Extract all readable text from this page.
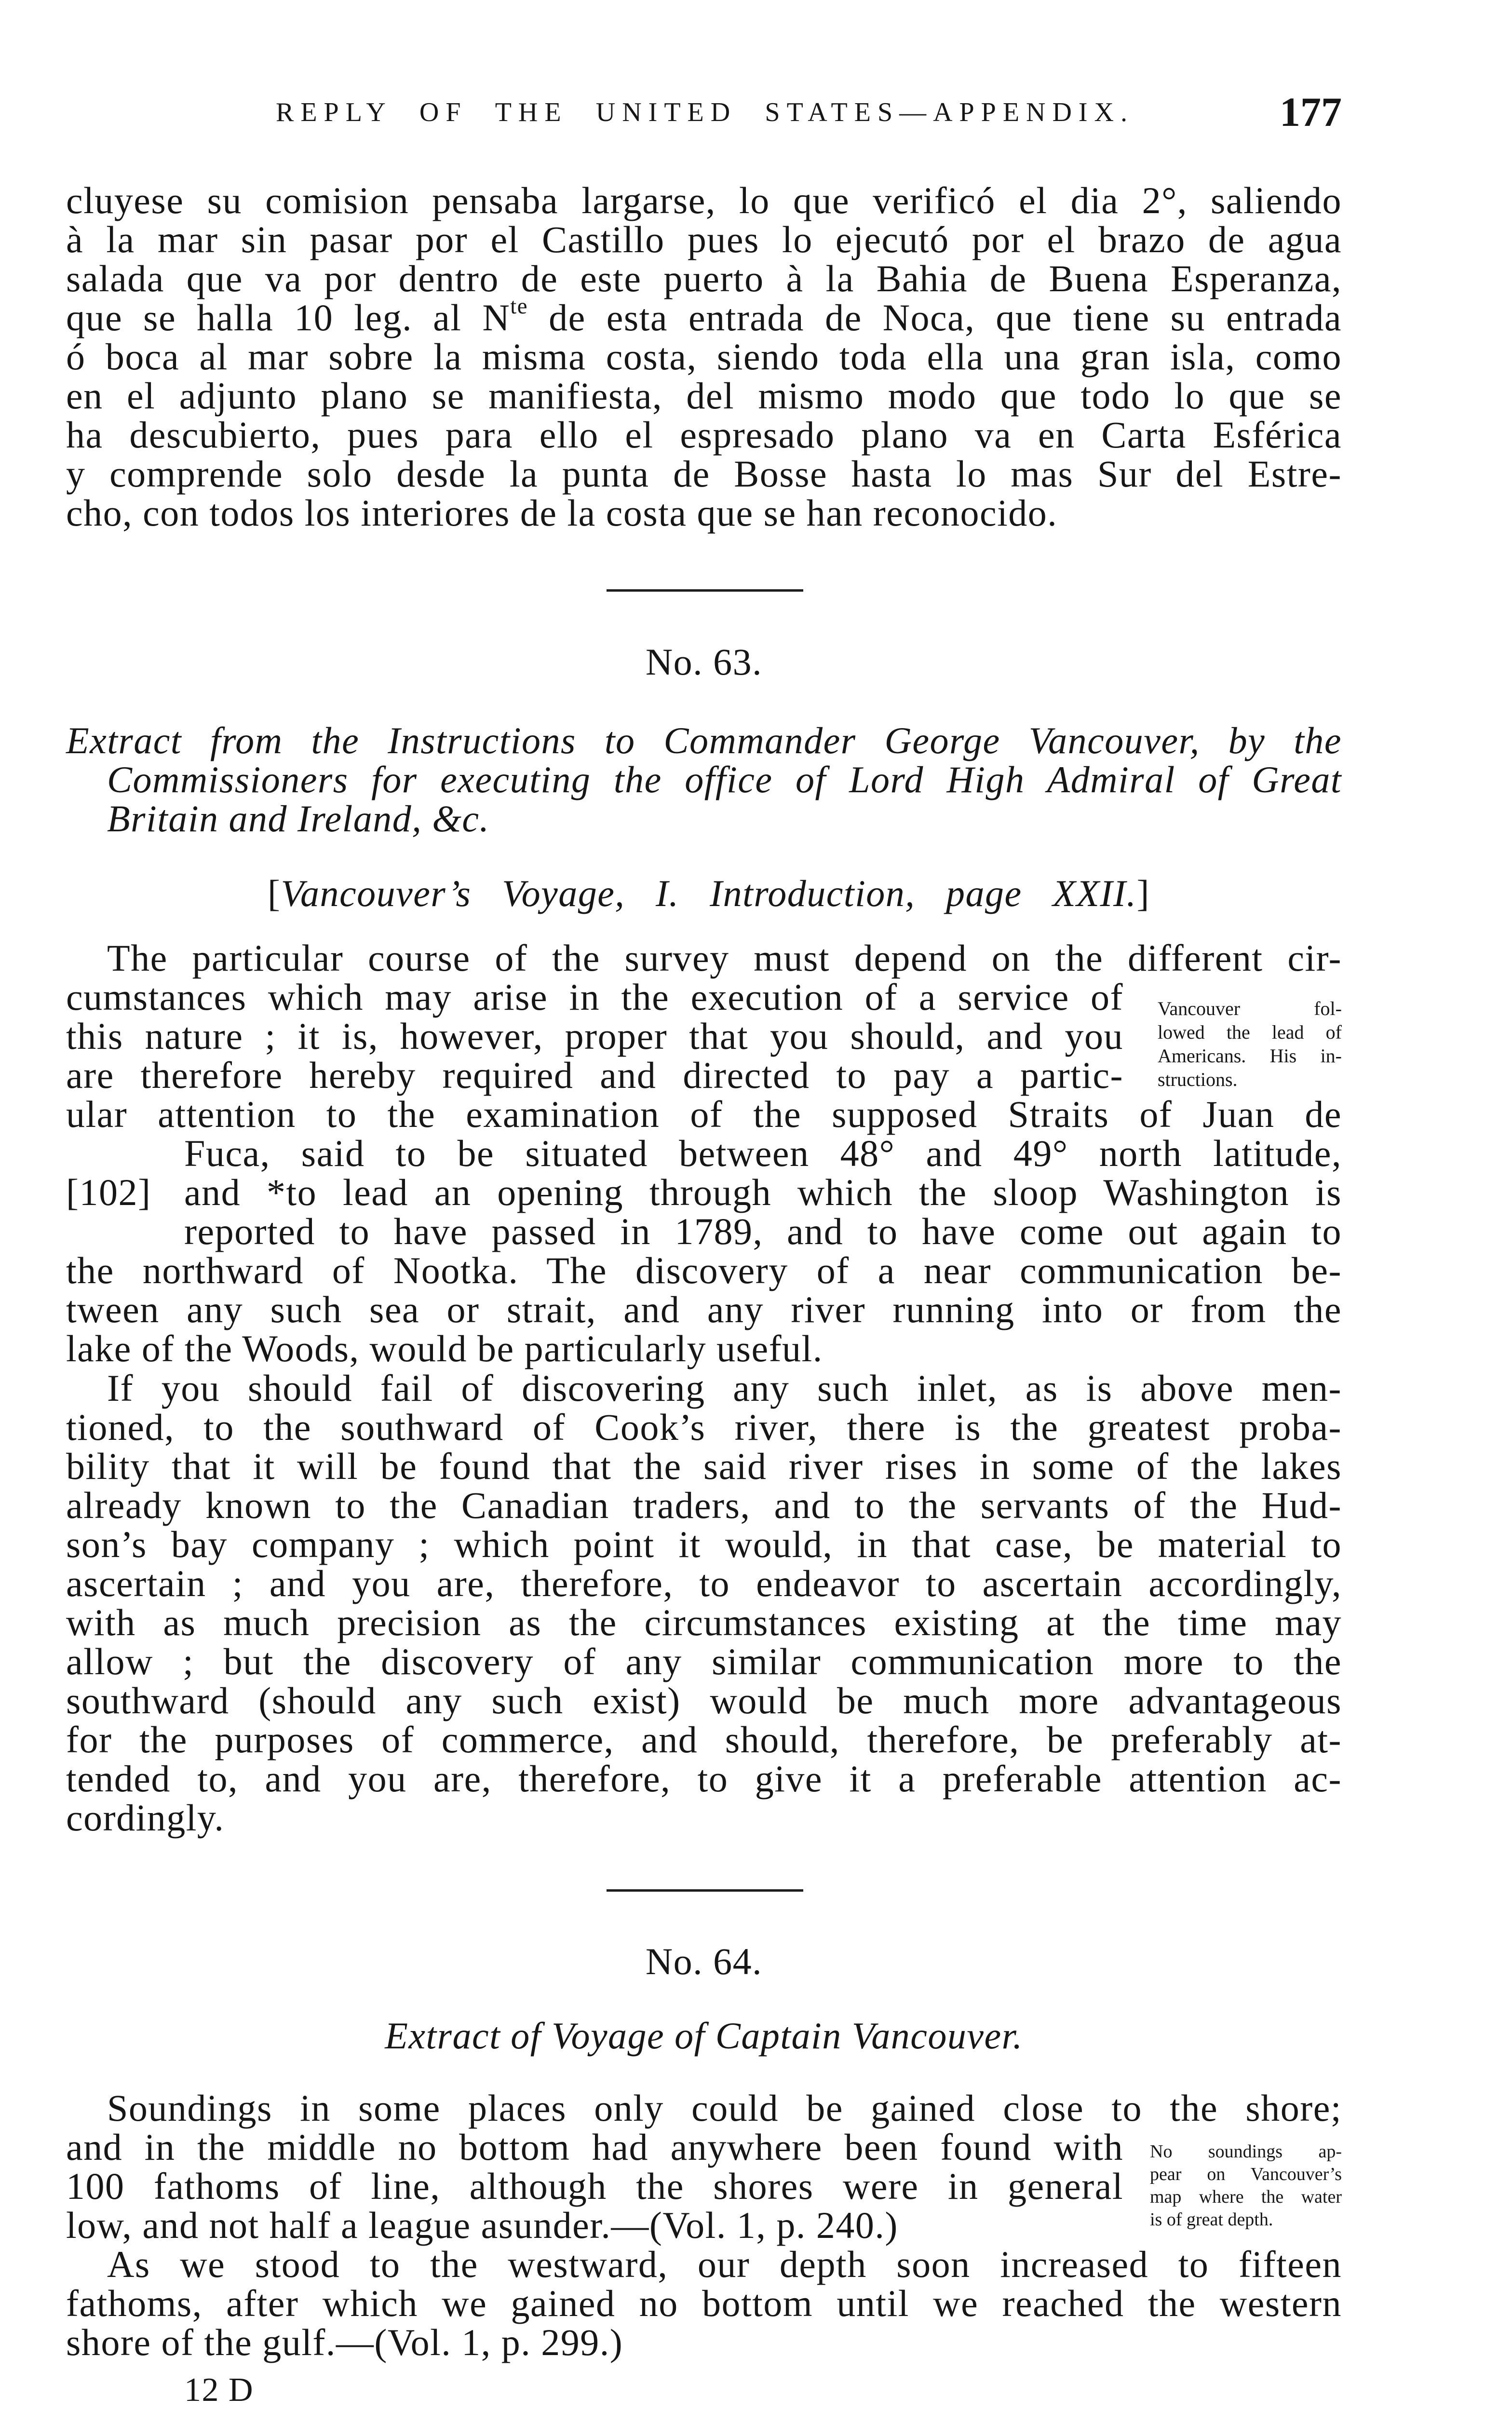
REPLY OF THE UNITED STATES—APPENDIX.	177
cluyese su comision pensaba largarse, lo que verificó el dia 2°, saliendo
à la mar sin pasar por el Castillo pues lo ejecutó por el brazo de agua
salada que va por dentro de este puerto à la Bahia de Buena Esperanza,
que se halla 10 leg. al $N^{te}$ de esta entrada de Noca, que tiene su entrada
ó boca al mar sobre la misma costa, siendo toda ella una gran isla, como
en el adjunto plano se manifiesta, del mismo modo que todo lo que se
ha descubierto, pues para ello el espresado plano va en Carta Esférica
y comprende solo desde la punta de Bosse hasta lo mas Sur del Estre-
cho, con todos los interiores de la costa que se han reconocido.
No. 63.
Extract from the Instructions to Commander George Vancouver, by the
Commissioners for executing the office of Lord High Admiral of Great
Britain and Ireland, &c.
[Vancouver’s Voyage, I. Introduction, page XXII.]
The particular course of the survey must depend on the different cir-
cumstances which may arise in the execution of a service of
this nature ; it is, however, proper that you should, and you
are therefore hereby required and directed to pay a partic-
ular attention to the examination of the supposed Straits of Juan de
Fuca, said to be situated between 48° and 49° north latitude,
[102] and *to lead an opening through which the sloop Washington is
reported to have passed in 1789, and to have come out again to
the northward of Nootka. The discovery of a near communication be-
tween any such sea or strait, and any river running into or from the
lake of the Woods, would be particularly useful.
Vancouver fol-
lowed the lead of
Americans. His in-
structions.
If you should fail of discovering any such inlet, as is above men-
tioned, to the southward of Cook’s river, there is the greatest proba-
bility that it will be found that the said river rises in some of the lakes
already known to the Canadian traders, and to the servants of the Hud-
son’s bay company ; which point it would, in that case, be material to
ascertain ; and you are, therefore, to endeavor to ascertain accordingly,
with as much precision as the circumstances existing at the time may
allow ; but the discovery of any similar communication more to the
southward (should any such exist) would be much more advantageous
for the purposes of commerce, and should, therefore, be preferably at-
tended to, and you are, therefore, to give it a preferable attention ac-
cordingly.
No. 64.
Extract of Voyage of Captain Vancouver.
Soundings in some places only could be gained close to the shore;
and in the middle no bottom had anywhere been found with
100 fathoms of line, although the shores were in general
low, and not half a league asunder.—(Vol. 1, p. 240.)
No soundings ap-
pear on Vancouver’s
map where the water
is of great depth.
As we stood to the westward, our depth soon increased to fifteen
fathoms, after which we gained no bottom until we reached the western
shore of the gulf.—(Vol. 1, p. 299.)
12 D
